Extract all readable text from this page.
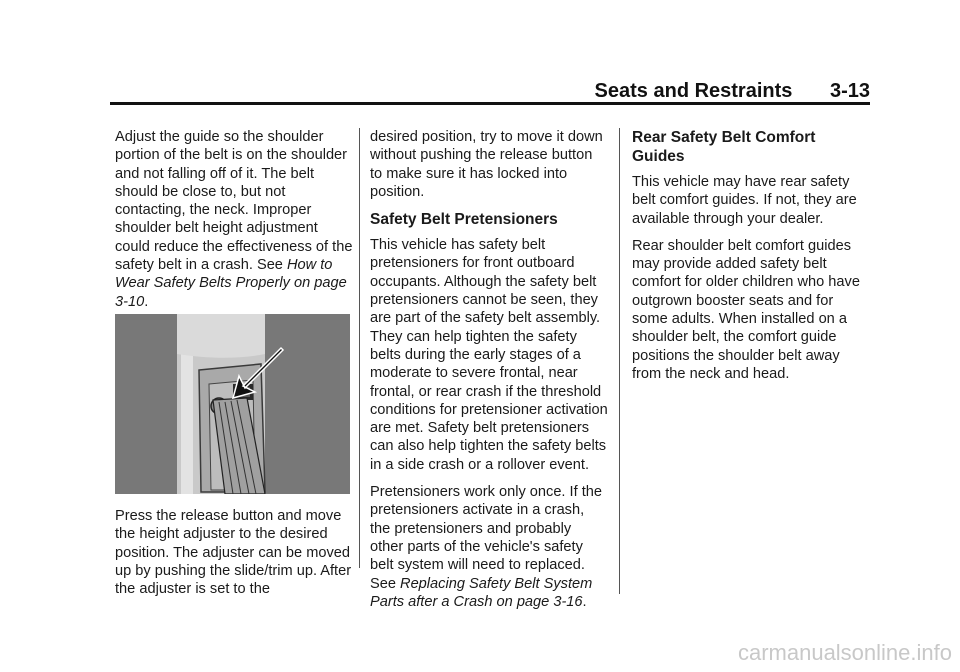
Seats and Restraints 3-13

Adjust the guide so the shoulder portion of the belt is on the shoulder and not falling off of it. The belt should be close to, but not contacting, the neck. Improper shoulder belt height adjustment could reduce the effectiveness of the safety belt in a crash. See How to Wear Safety Belts Properly on page 3-10.

Press the release button and move the height adjuster to the desired position. The adjuster can be moved up by pushing the slide/trim up. After the adjuster is set to the

desired position, try to move it down without pushing the release button to make sure it has locked into position.

Safety Belt Pretensioners

This vehicle has safety belt pretensioners for front outboard occupants. Although the safety belt pretensioners cannot be seen, they are part of the safety belt assembly. They can help tighten the safety belts during the early stages of a moderate to severe frontal, near frontal, or rear crash if the threshold conditions for pretensioner activation are met. Safety belt pretensioners can also help tighten the safety belts in a side crash or a rollover event.

Pretensioners work only once. If the pretensioners activate in a crash, the pretensioners and probably other parts of the vehicle's safety belt system will need to replaced. See Replacing Safety Belt System Parts after a Crash on page 3-16.

Rear Safety Belt Comfort Guides

This vehicle may have rear safety belt comfort guides. If not, they are available through your dealer.

Rear shoulder belt comfort guides may provide added safety belt comfort for older children who have outgrown booster seats and for some adults. When installed on a shoulder belt, the comfort guide positions the shoulder belt away from the neck and head.

carmanualsonline.info
